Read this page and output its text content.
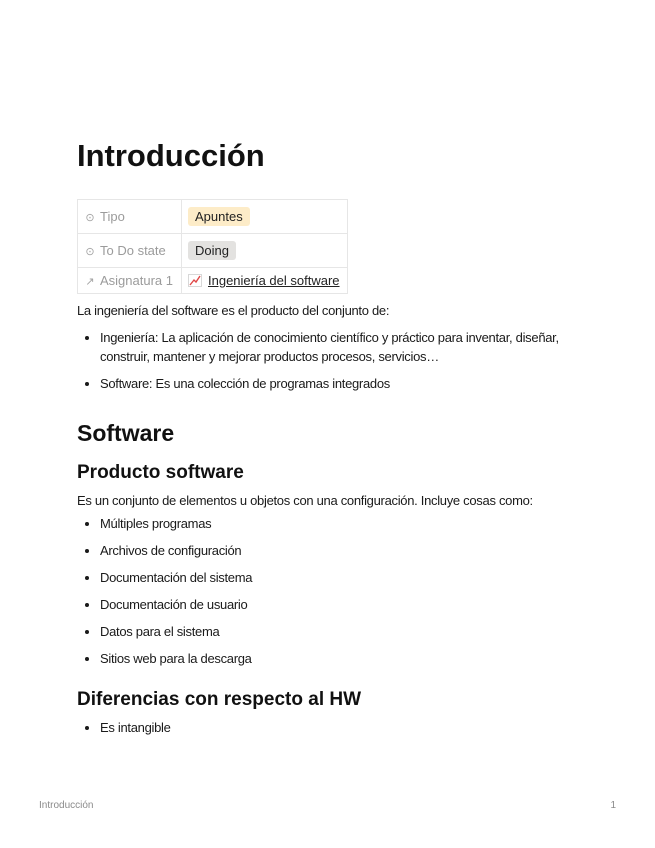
Introducción
⊙ Tipo	Apuntes
⊙ To Do state	Doing
↗ Asignatura 1	Ingeniería del software

La ingeniería del software es el producto del conjunto de:

• Ingeniería: La aplicación de conocimiento científico y práctico para inventar, diseñar, construir, mantener y mejorar productos procesos, servicios…
• Software: Es una colección de programas integrados
Software
Producto software

Es un conjunto de elementos u objetos con una configuración. Incluye cosas como:

• Múltiples programas
• Archivos de configuración
• Documentación del sistema
• Documentación de usuario
• Datos para el sistema
• Sitios web para la descarga
Diferencias con respecto al HW
• Es intangible
Introducción	1
